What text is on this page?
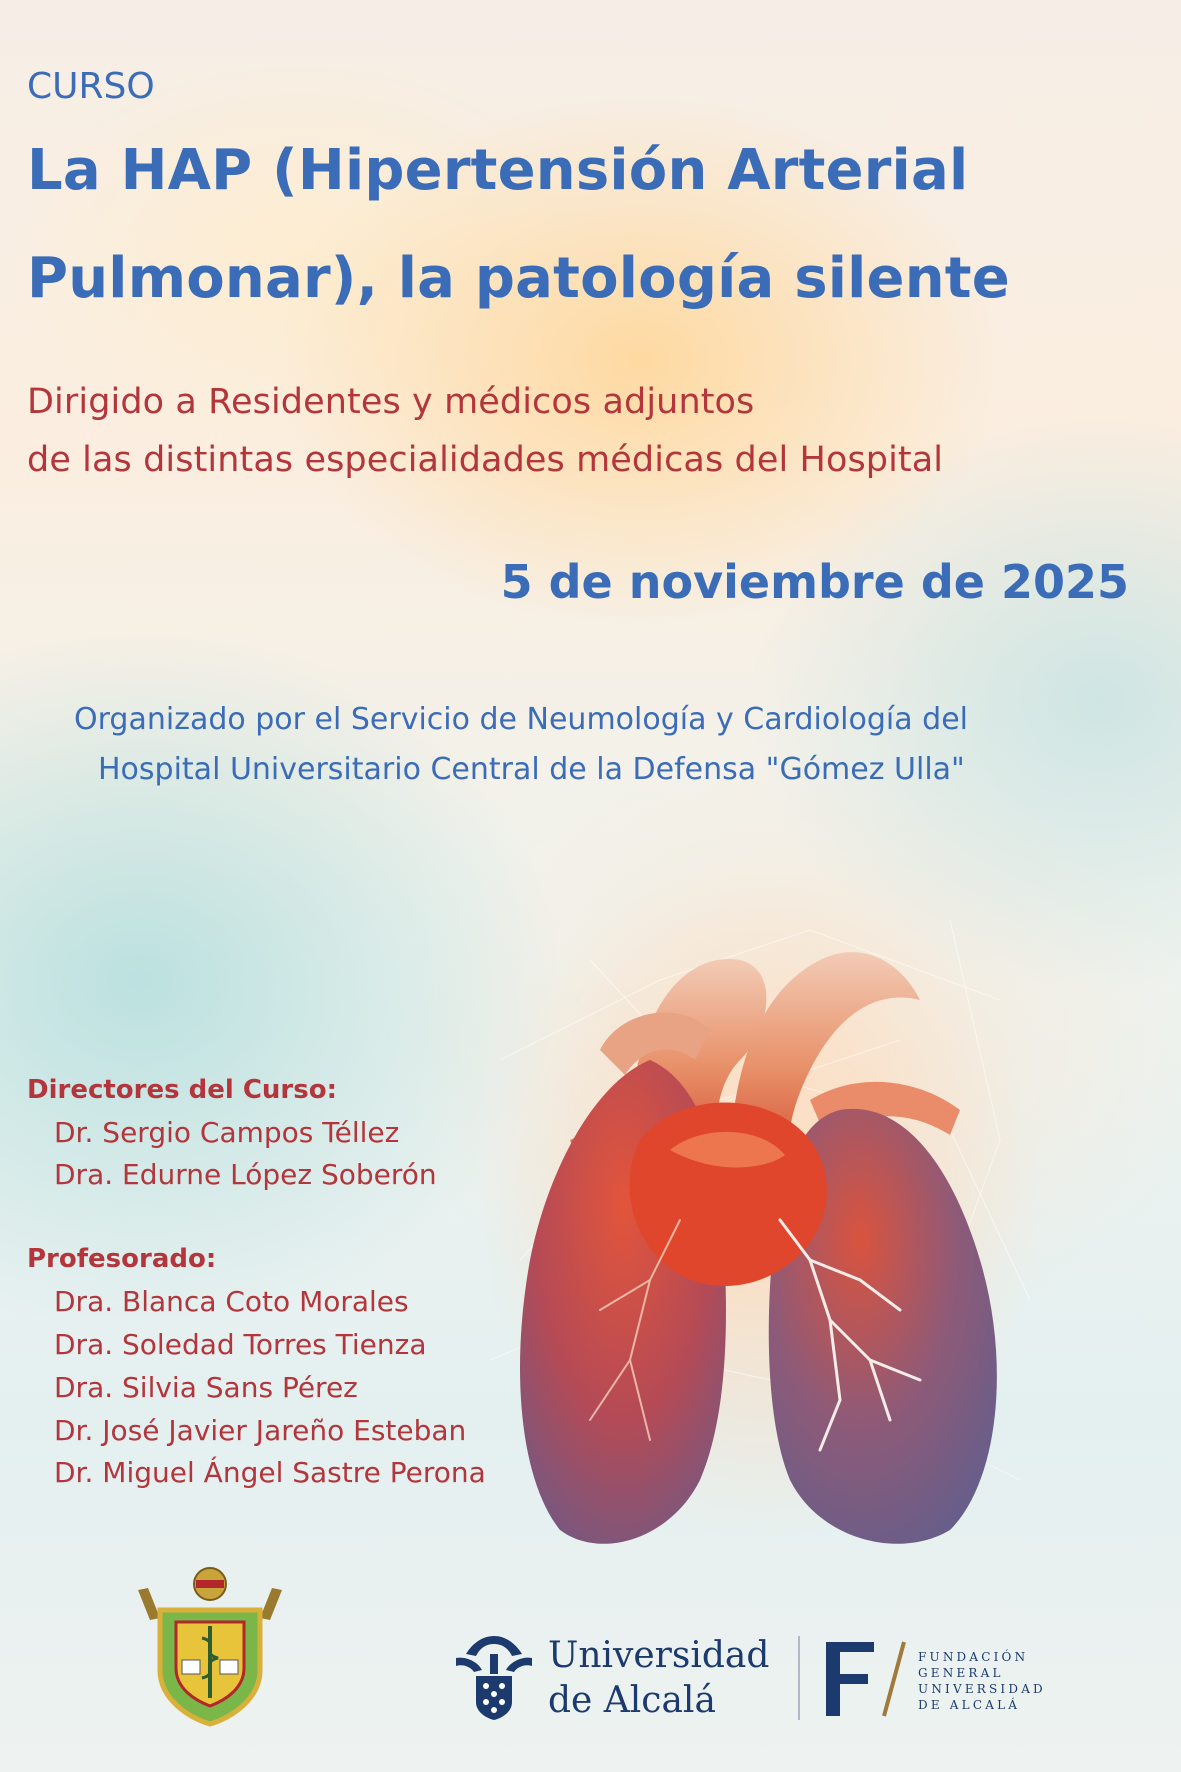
CURSO
La HAP (Hipertensión Arterial
Pulmonar), la patología silente
Dirigido a Residentes y médicos adjuntos
de las distintas especialidades médicas del Hospital
5 de noviembre de 2025
Organizado por el Servicio de Neumología y Cardiología del
Hospital Universitario Central de la Defensa "Gómez Ulla"
Directores del Curso:
Dr. Sergio Campos Téllez
Dra. Edurne López Soberón
Profesorado:
Dra. Blanca Coto Morales
Dra. Soledad Torres Tienza
Dra. Silvia Sans Pérez
Dr. José Javier Jareño Esteban
Dr. Miguel Ángel Sastre Perona
Universidad
de Alcalá
FUNDACIÓN
GENERAL
UNIVERSIDAD
DE ALCALÁ
